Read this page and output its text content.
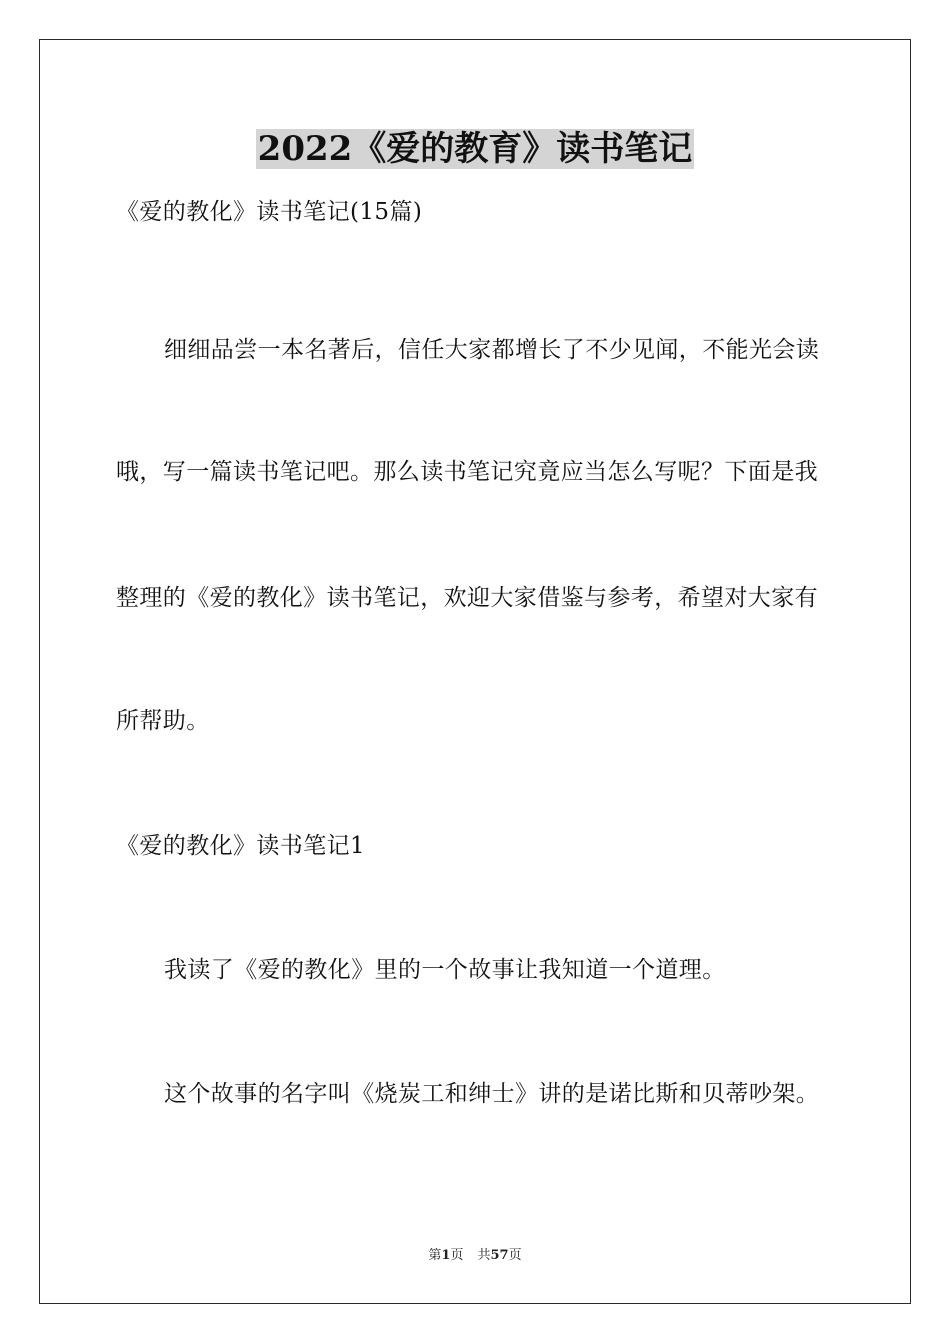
2022《爱的教育》读书笔记
《爱的教化》读书笔记(15篇)
细细品尝一本名著后，信任大家都增长了不少见闻，不能光会读
哦，写一篇读书笔记吧。那么读书笔记究竟应当怎么写呢？下面是我
整理的《爱的教化》读书笔记，欢迎大家借鉴与参考，希望对大家有
所帮助。
《爱的教化》读书笔记1
我读了《爱的教化》里的一个故事让我知道一个道理。
这个故事的名字叫《烧炭工和绅士》讲的是诺比斯和贝蒂吵架。
第1页 共57页
